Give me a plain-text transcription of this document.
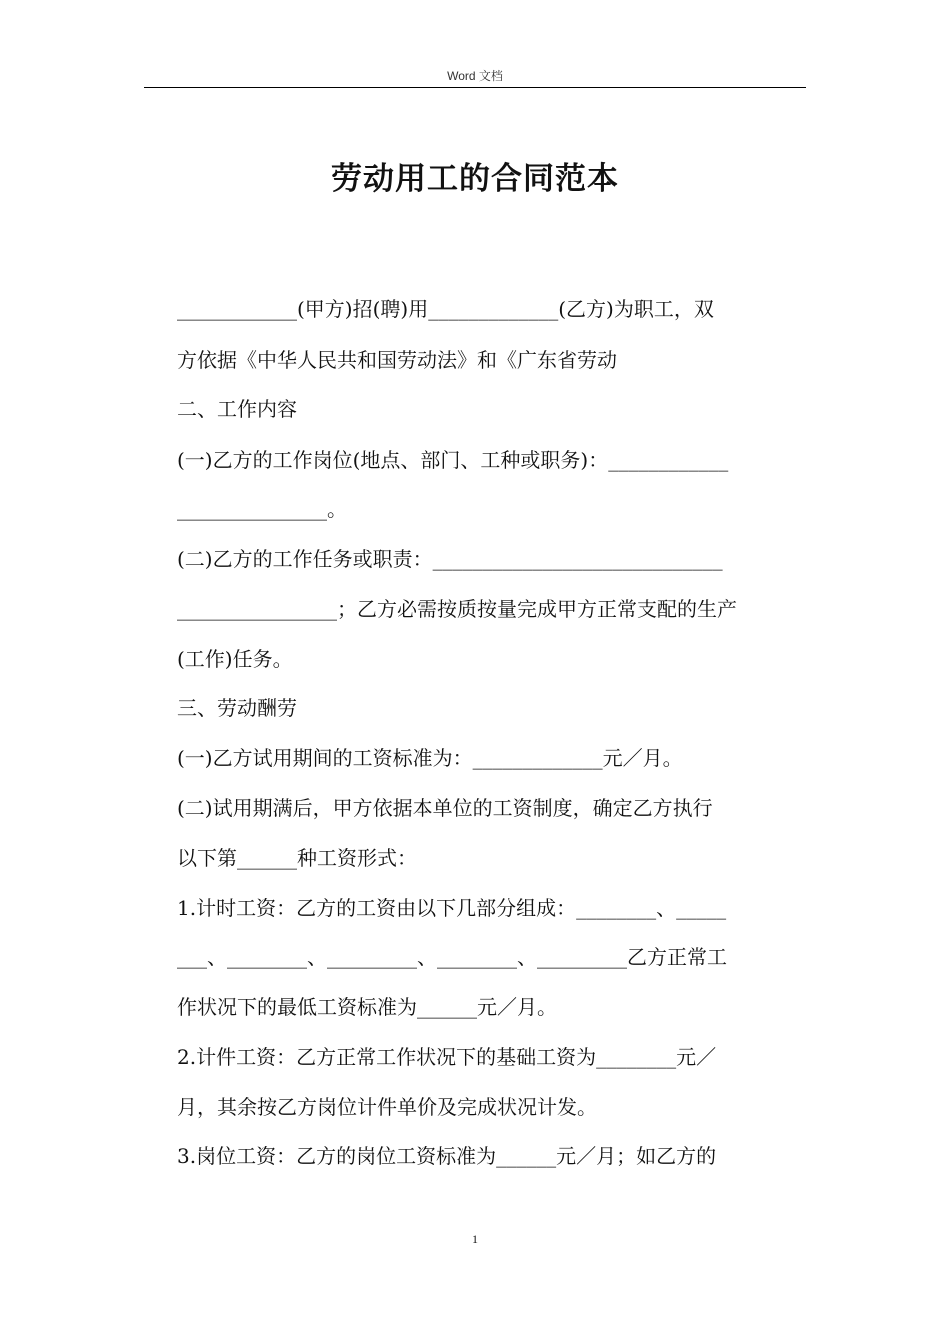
Word 文档
劳动用工的合同范本
____________(甲方)招(聘)用_____________(乙方)为职工，双
方依据《中华人民共和国劳动法》和《广东省劳动
二、工作内容
(一)乙方的工作岗位(地点、部门、工种或职务)：____________
_______________。
(二)乙方的工作任务或职责：_____________________________
________________；乙方必需按质按量完成甲方正常支配的生产
(工作)任务。
三、劳动酬劳
(一)乙方试用期间的工资标准为：_____________元／月。
(二)试用期满后，甲方依据本单位的工资制度，确定乙方执行
以下第______种工资形式：
1.计时工资：乙方的工资由以下几部分组成：________、_____
___、________、_________、________、_________乙方正常工
作状况下的最低工资标准为______元／月。
2.计件工资：乙方正常工作状况下的基础工资为________元／
月，其余按乙方岗位计件单价及完成状况计发。
3.岗位工资：乙方的岗位工资标准为______元／月；如乙方的
1
